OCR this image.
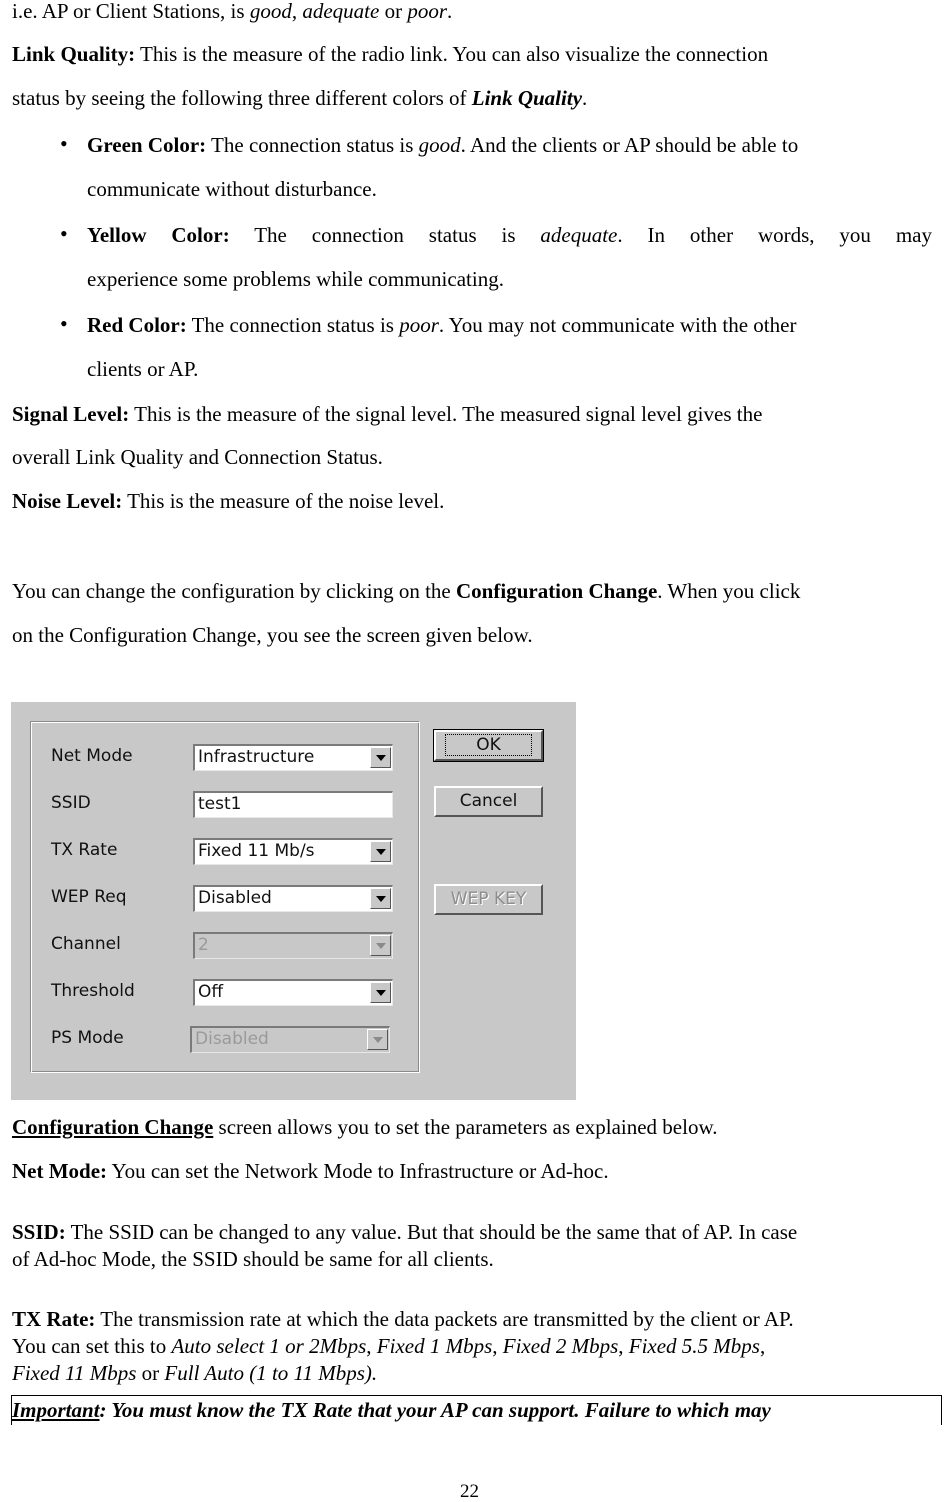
i.e. AP or Client Stations, is good, adequate or poor.
Link Quality: This is the measure of the radio link. You can also visualize the connection
status by seeing the following three different colors of Link Quality.
• Green Color: The connection status is good. And the clients or AP should be able to
communicate without disturbance.
• Yellow Color: The connection status is adequate. In other words, you may
experience some problems while communicating.
• Red Color: The connection status is poor. You may not communicate with the other
clients or AP.
Signal Level: This is the measure of the signal level. The measured signal level gives the
overall Link Quality and Connection Status.
Noise Level: This is the measure of the noise level.
You can change the configuration by clicking on the Configuration Change. When you click
on the Configuration Change, you see the screen given below.
Net Mode	Infrastructure
SSID	test1
TX Rate	Fixed 11 Mb/s
WEP Req	Disabled
Channel	2
Threshold	Off
PS Mode	Disabled
OK
Cancel
WEP KEY
Configuration Change screen allows you to set the parameters as explained below.
Net Mode: You can set the Network Mode to Infrastructure or Ad-hoc.
SSID: The SSID can be changed to any value. But that should be the same that of AP. In case
of Ad-hoc Mode, the SSID should be same for all clients.
TX Rate: The transmission rate at which the data packets are transmitted by the client or AP.
You can set this to Auto select 1 or 2Mbps, Fixed 1 Mbps, Fixed 2 Mbps, Fixed 5.5 Mbps,
Fixed 11 Mbps or Full Auto (1 to 11 Mbps).
Important: You must know the TX Rate that your AP can support. Failure to which may
22
